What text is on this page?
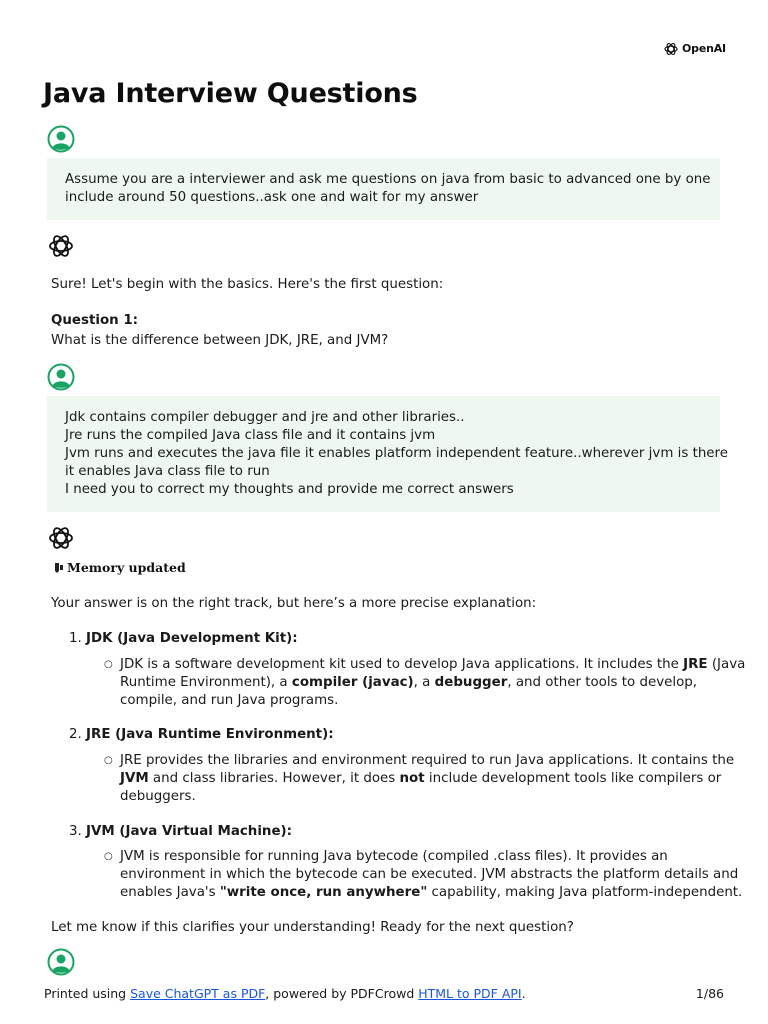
OpenAI
Java Interview Questions
Assume you are a interviewer and ask me questions on java from basic to advanced one by one
include around 50 questions..ask one and wait for my answer
Sure! Let's begin with the basics. Here's the first question:
Question 1:
What is the difference between JDK, JRE, and JVM?
Jdk contains compiler debugger and jre and other libraries..
Jre runs the compiled Java class file and it contains jvm
Jvm runs and executes the java file it enables platform independent feature..wherever jvm is there
it enables Java class file to run
I need you to correct my thoughts and provide me correct answers
Memory updated
Your answer is on the right track, but here’s a more precise explanation:
1. JDK (Java Development Kit):
○ JDK is a software development kit used to develop Java applications. It includes the JRE (Java
Runtime Environment), a compiler (javac), a debugger, and other tools to develop,
compile, and run Java programs.
2. JRE (Java Runtime Environment):
○ JRE provides the libraries and environment required to run Java applications. It contains the
JVM and class libraries. However, it does not include development tools like compilers or
debuggers.
3. JVM (Java Virtual Machine):
○ JVM is responsible for running Java bytecode (compiled .class files). It provides an
environment in which the bytecode can be executed. JVM abstracts the platform details and
enables Java's "write once, run anywhere" capability, making Java platform-independent.
Let me know if this clarifies your understanding! Ready for the next question?
Printed using Save ChatGPT as PDF, powered by PDFCrowd HTML to PDF API.	1/86
